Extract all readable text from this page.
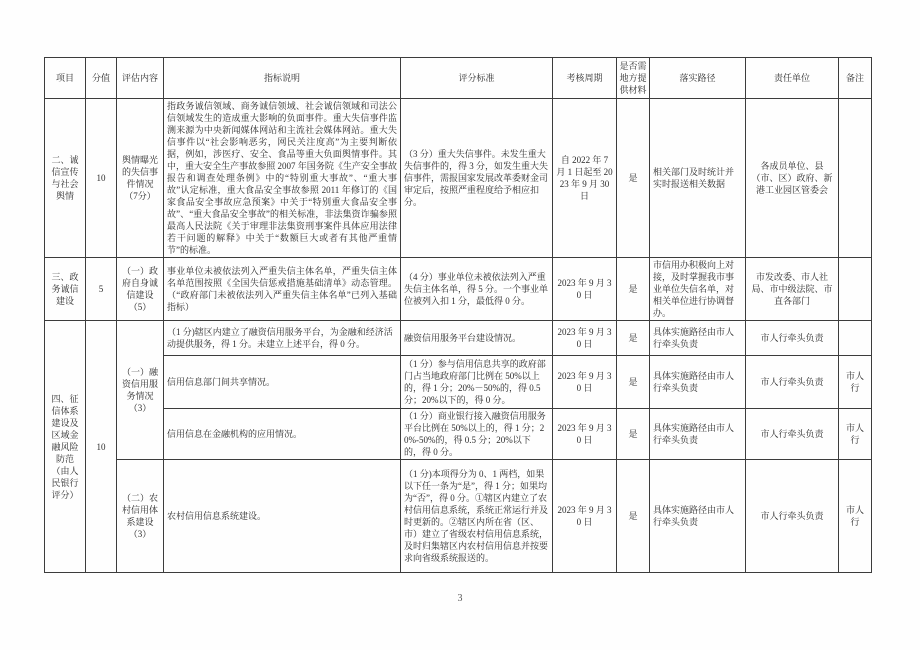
项目	分值	评估内容	指标说明	评分标准	考核周期	是否需地方提供材料	落实路径	责任单位	备注
二、诚信宣传与社会舆情	10	舆情曝光的失信事件情况（7分）	指政务诚信领域、商务诚信领域、社会诚信领域和司法公信领域发生的造成重大影响的负面事件。重大失信事件监测来源为中央新闻媒体网站和主流社会媒体网站。重大失信事件以“社会影响恶劣，网民关注度高”为主要判断依据，例如，涉医疗、安全、食品等重大负面舆情事件。其中，重大安全生产事故参照 2007 年国务院《生产安全事故报告和调查处理条例》中的“特别重大事故”、“重大事故”认定标准，重大食品安全事故参照 2011 年修订的《国家食品安全事故应急预案》中关于“特别重大食品安全事故”、“重大食品安全事故”的相关标准，非法集资诈骗参照最高人民法院《关于审理非法集资刑事案件具体应用法律若干问题的解释》中关于“数额巨大或者有其他严重情节”的标准。	（3 分）重大失信事件。未发生重大失信事件的，得 3 分，如发生重大失信事件，需报国家发展改革委财金司审定后，按照严重程度给予相应扣分。	自 2022 年 7 月 1 日起至 2023 年 9 月 30 日	是	相关部门及时统计并实时报送相关数据	各成员单位、县（市、区）政府、新港工业园区管委会	
三、政务诚信建设	5	（一）政府自身诚信建设（5）	事业单位未被依法列入严重失信主体名单，严重失信主体名单范围按照《全国失信惩戒措施基础清单》动态管理。（“政府部门未被依法列入严重失信主体名单”已列入基础指标）	（4 分）事业单位未被依法列入严重失信主体名单，得 5 分。一个事业单位被列入扣 1 分，最低得 0 分。	2023 年 9 月 30 日	是	市信用办积极向上对接，及时掌握我市事业单位失信名单，对相关单位进行协调督办。	市发改委、市人社局、市中级法院、市直各部门	
四、征信体系建设及区域金融风险防范（由人民银行评分）	10	（一）融资信用服务情况（3）	（1 分)辖区内建立了融资信用服务平台，为金融和经济活动提供服务，得 1 分。未建立上述平台，得 0 分。	融资信用服务平台建设情况。	2023 年 9 月 30 日	是	具体实施路径由市人行牵头负责	市人行牵头负责	
			信用信息部门间共享情况。	（1 分）参与信用信息共享的政府部门占当地政府部门比例在 50%以上的，得 1 分；20%－50%的，得 0.5 分；20%以下的，得 0 分。	2023 年 9 月 30 日	是	具体实施路径由市人行牵头负责	市人行牵头负责	市人行
			信用信息在金融机构的应用情况。	（1 分）商业银行接入融资信用服务平台比例在 50%以上的，得 1 分；20%-50%的，得 0.5 分；20%以下 的，得 0 分。	2023 年 9 月 30 日	是	具体实施路径由市人行牵头负责	市人行牵头负责	市人行
		（二）农村信用体系建设（3）	农村信用信息系统建设。	（1 分)本项得分为 0、1 两档，如果 以下任一条为“是”，得 1 分；如果均为“否”，得 0 分。①辖区内建立了农村信用信息系统，系统正常运行并及 时更新的。②辖区内所在省（区、 市）建立了省级农村信用信息系统，及时归集辖区内农村信用信息并按要求向省级系统报送的。	2023 年 9 月 30 日	是	具体实施路径由市人行牵头负责	市人行牵头负责	市人行
3
